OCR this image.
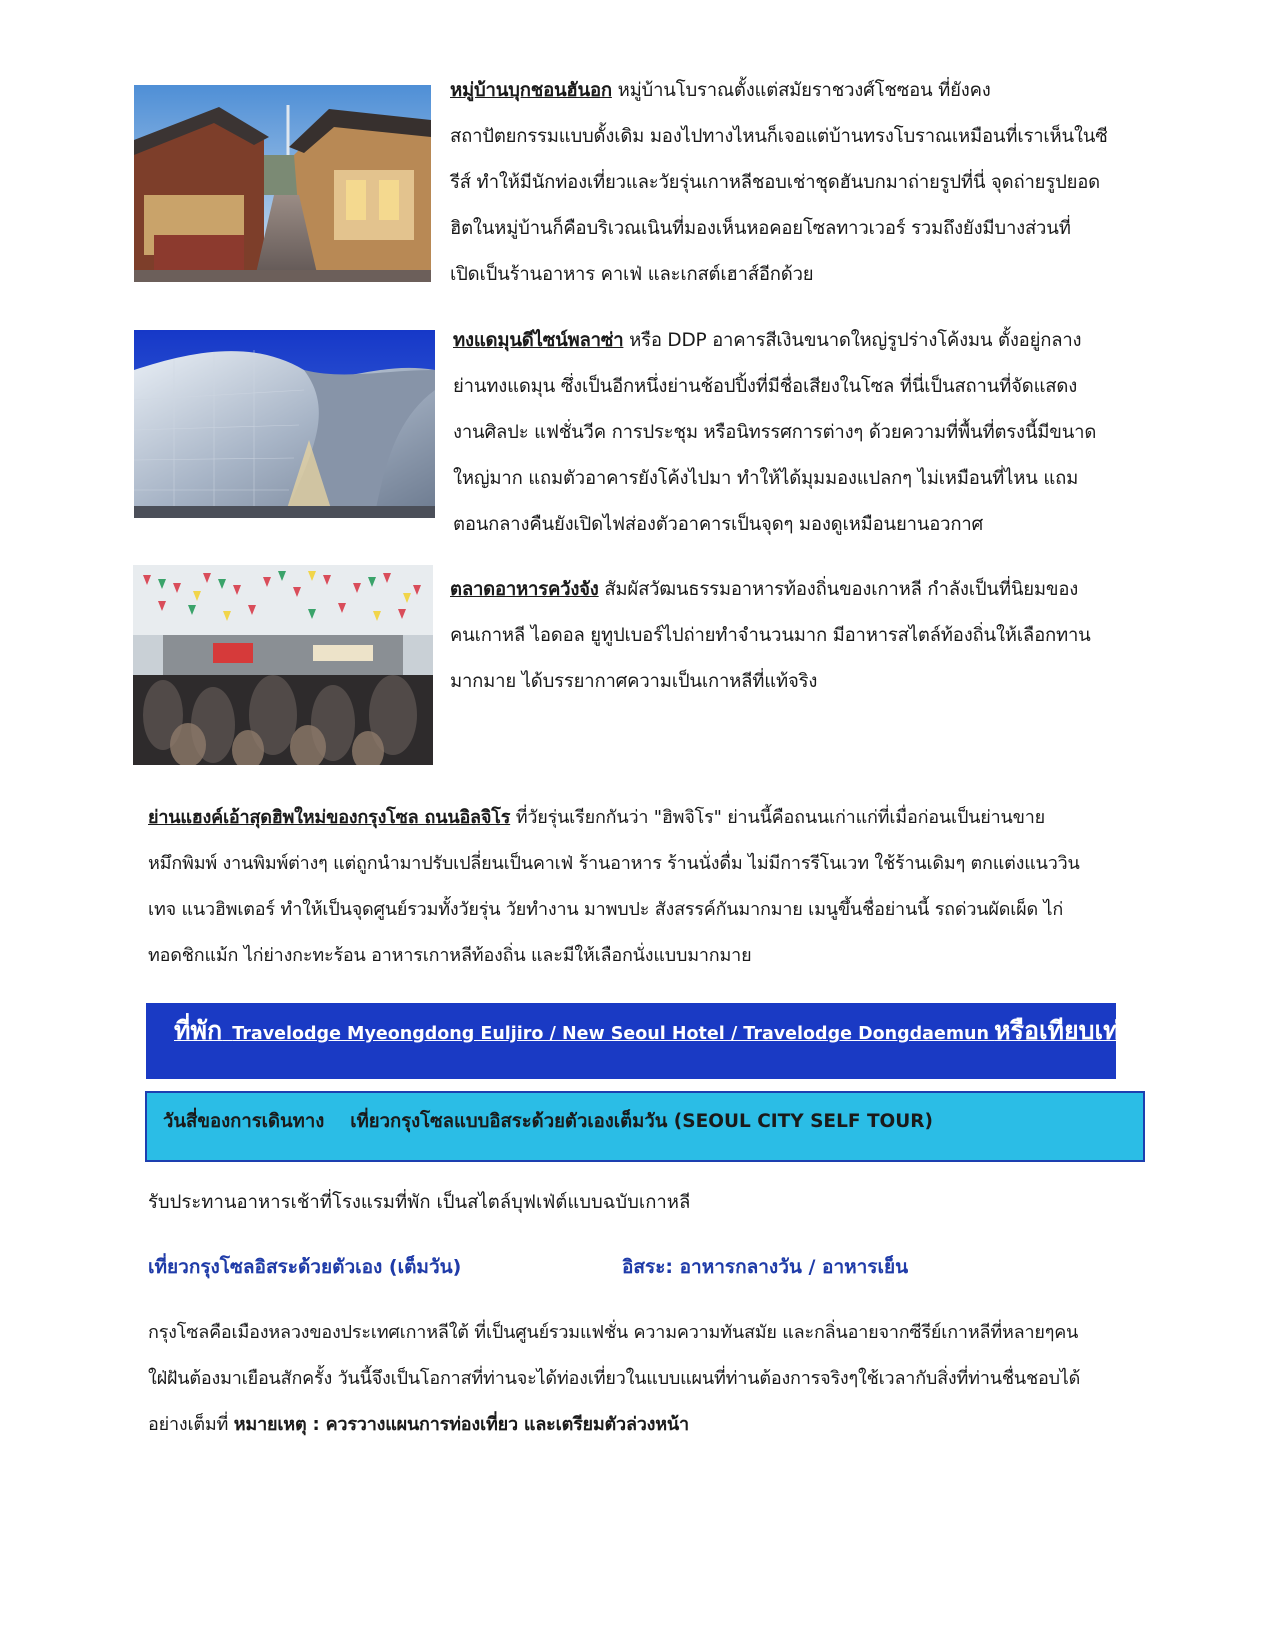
หมู่บ้านบุกชอนฮันอก หมู่บ้านโบราณตั้งแต่สมัยราชวงศ์โชซอน ที่ยังคง
สถาปัตยกรรมแบบดั้งเดิม มองไปทางไหนก็เจอแต่บ้านทรงโบราณเหมือนที่เราเห็นในซี
รีส์ ทำให้มีนักท่องเที่ยวและวัยรุ่นเกาหลีชอบเช่าชุดฮันบกมาถ่ายรูปที่นี่ จุดถ่ายรูปยอด
ฮิตในหมู่บ้านก็คือบริเวณเนินที่มองเห็นหอคอยโซลทาวเวอร์ รวมถึงยังมีบางส่วนที่
เปิดเป็นร้านอาหาร คาเฟ่ และเกสต์เฮาส์อีกด้วย

ทงแดมุนดีไซน์พลาซ่า หรือ DDP อาคารสีเงินขนาดใหญ่รูปร่างโค้งมน ตั้งอยู่กลาง
ย่านทงแดมุน ซึ่งเป็นอีกหนึ่งย่านช้อปปิ้งที่มีชื่อเสียงในโซล ที่นี่เป็นสถานที่จัดแสดง
งานศิลปะ แฟชั่นวีค การประชุม หรือนิทรรศการต่างๆ ด้วยความที่พื้นที่ตรงนี้มีขนาด
ใหญ่มาก แถมตัวอาคารยังโค้งไปมา ทำให้ได้มุมมองแปลกๆ ไม่เหมือนที่ไหน แถม
ตอนกลางคืนยังเปิดไฟส่องตัวอาคารเป็นจุดๆ มองดูเหมือนยานอวกาศ

ตลาดอาหารควังจัง สัมผัสวัฒนธรรมอาหารท้องถิ่นของเกาหลี กำลังเป็นที่นิยมของ
คนเกาหลี ไอดอล ยูทูปเบอร์ไปถ่ายทำจำนวนมาก มีอาหารสไตล์ท้องถิ่นให้เลือกทาน
มากมาย ได้บรรยากาศความเป็นเกาหลีที่แท้จริง

ย่านแฮงค์เอ้าสุดฮิพใหม่ของกรุงโซล ถนนอิลจิโร ที่วัยรุ่นเรียกกันว่า "ฮิพจิโร" ย่านนี้คือถนนเก่าแก่ที่เมื่อก่อนเป็นย่านขาย
หมึกพิมพ์ งานพิมพ์ต่างๆ แต่ถูกนำมาปรับเปลี่ยนเป็นคาเฟ่ ร้านอาหาร ร้านนั่งดื่ม ไม่มีการรีโนเวท ใช้ร้านเดิมๆ ตกแต่งแนววิน
เทจ แนวฮิพเตอร์ ทำให้เป็นจุดศูนย์รวมทั้งวัยรุ่น วัยทำงาน มาพบปะ สังสรรค์กันมากมาย เมนูขึ้นชื่อย่านนี้ รถด่วนผัดเผ็ด ไก่
ทอดชิกแม้ก ไก่ย่างกะทะร้อน อาหารเกาหลีท้องถิ่น และมีให้เลือกนั่งแบบมากมาย

ที่พัก Travelodge Myeongdong Euljiro / New Seoul Hotel / Travelodge Dongdaemun หรือเทียบเท่า
วันสี่ของการเดินทาง เที่ยวกรุงโซลแบบอิสระด้วยตัวเองเต็มวัน (SEOUL CITY SELF TOUR)
รับประทานอาหารเช้าที่โรงแรมที่พัก เป็นสไตล์บุฟเฟ่ต์แบบฉบับเกาหลี
เที่ยวกรุงโซลอิสระด้วยตัวเอง (เต็มวัน)	อิสระ: อาหารกลางวัน / อาหารเย็น

กรุงโซลคือเมืองหลวงของประเทศเกาหลีใต้ ที่เป็นศูนย์รวมแฟชั่น ความความทันสมัย และกลิ่นอายจากซีรีย์เกาหลีที่หลายๆคน
ใฝ่ฝันต้องมาเยือนสักครั้ง วันนี้จึงเป็นโอกาสที่ท่านจะได้ท่องเที่ยวในแบบแผนที่ท่านต้องการจริงๆใช้เวลากับสิ่งที่ท่านชื่นชอบได้
อย่างเต็มที่ หมายเหตุ : ควรวางแผนการท่องเที่ยว และเตรียมตัวล่วงหน้า
